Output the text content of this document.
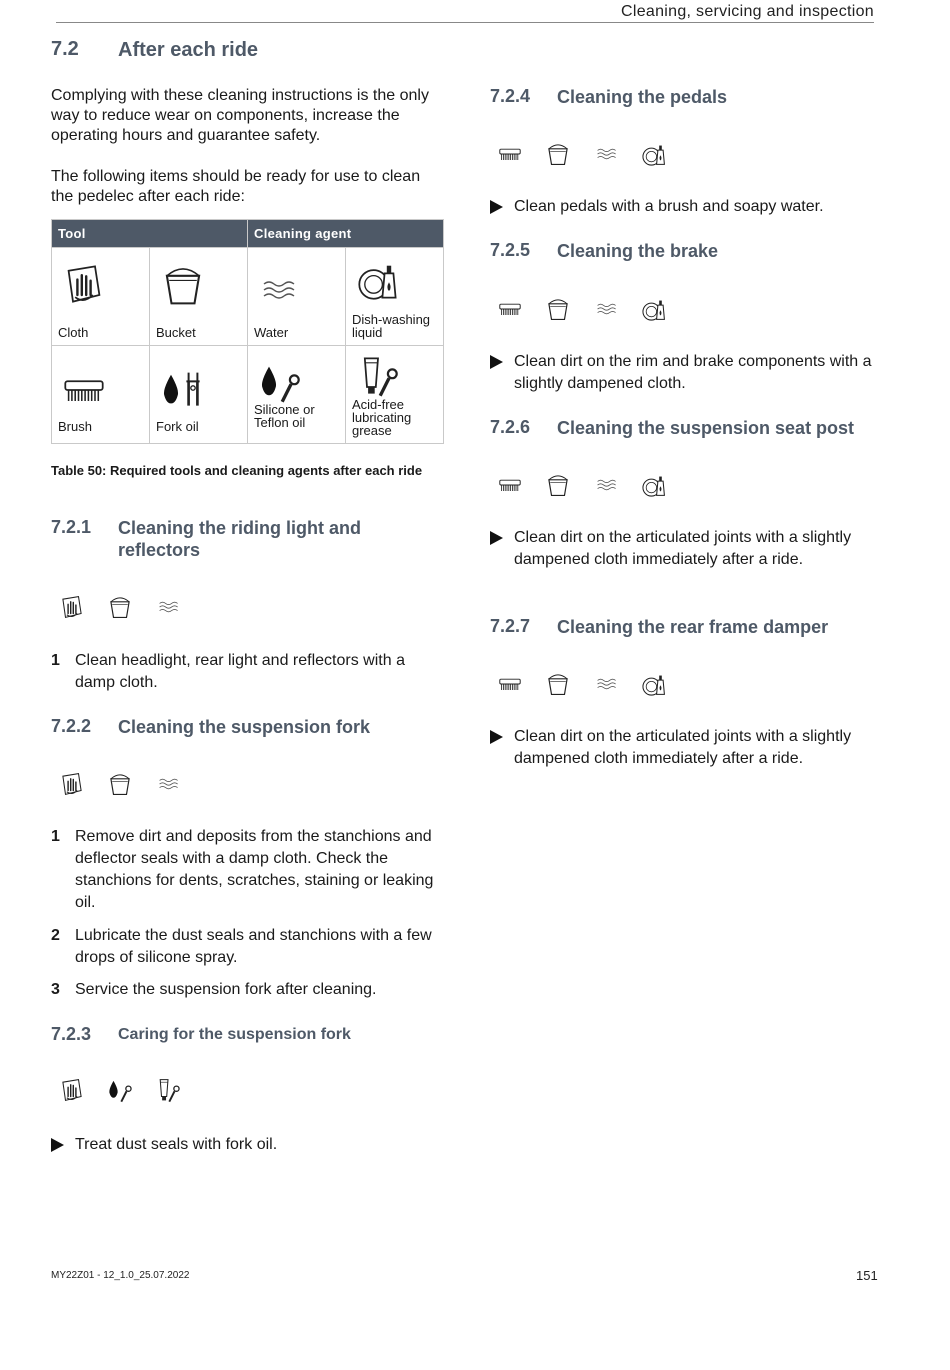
Cleaning, servicing and inspection
7.2 After each ride

Complying with these cleaning instructions is the only way to reduce wear on components, increase the operating hours and guarantee safety.

The following items should be ready for use to clean the pedelec after each ride:

Tool		Cleaning agent	

Cloth	Bucket	Water	Dish-washing liquid

Brush	Fork oil	Silicone or Teflon oil	Acid-free lubricating grease
Table 50: Required tools and cleaning agents after each ride
7.2.1 Cleaning the riding light and reflectors
1 Clean headlight, rear light and reflectors with a damp cloth.
7.2.2 Cleaning the suspension fork
1 Remove dirt and deposits from the stanchions and deflector seals with a damp cloth. Check the stanchions for dents, scratches, staining or leaking oil.
2 Lubricate the dust seals and stanchions with a few drops of silicone spray.
3 Service the suspension fork after cleaning.
7.2.3 Caring for the suspension fork
Treat dust seals with fork oil.
7.2.4 Cleaning the pedals
Clean pedals with a brush and soapy water.
7.2.5 Cleaning the brake
Clean dirt on the rim and brake components with a slightly dampened cloth.
7.2.6 Cleaning the suspension seat post
Clean dirt on the articulated joints with a slightly dampened cloth immediately after a ride.
7.2.7 Cleaning the rear frame damper
Clean dirt on the articulated joints with a slightly dampened cloth immediately after a ride.
MY22Z01 - 12_1.0_25.07.2022	151
